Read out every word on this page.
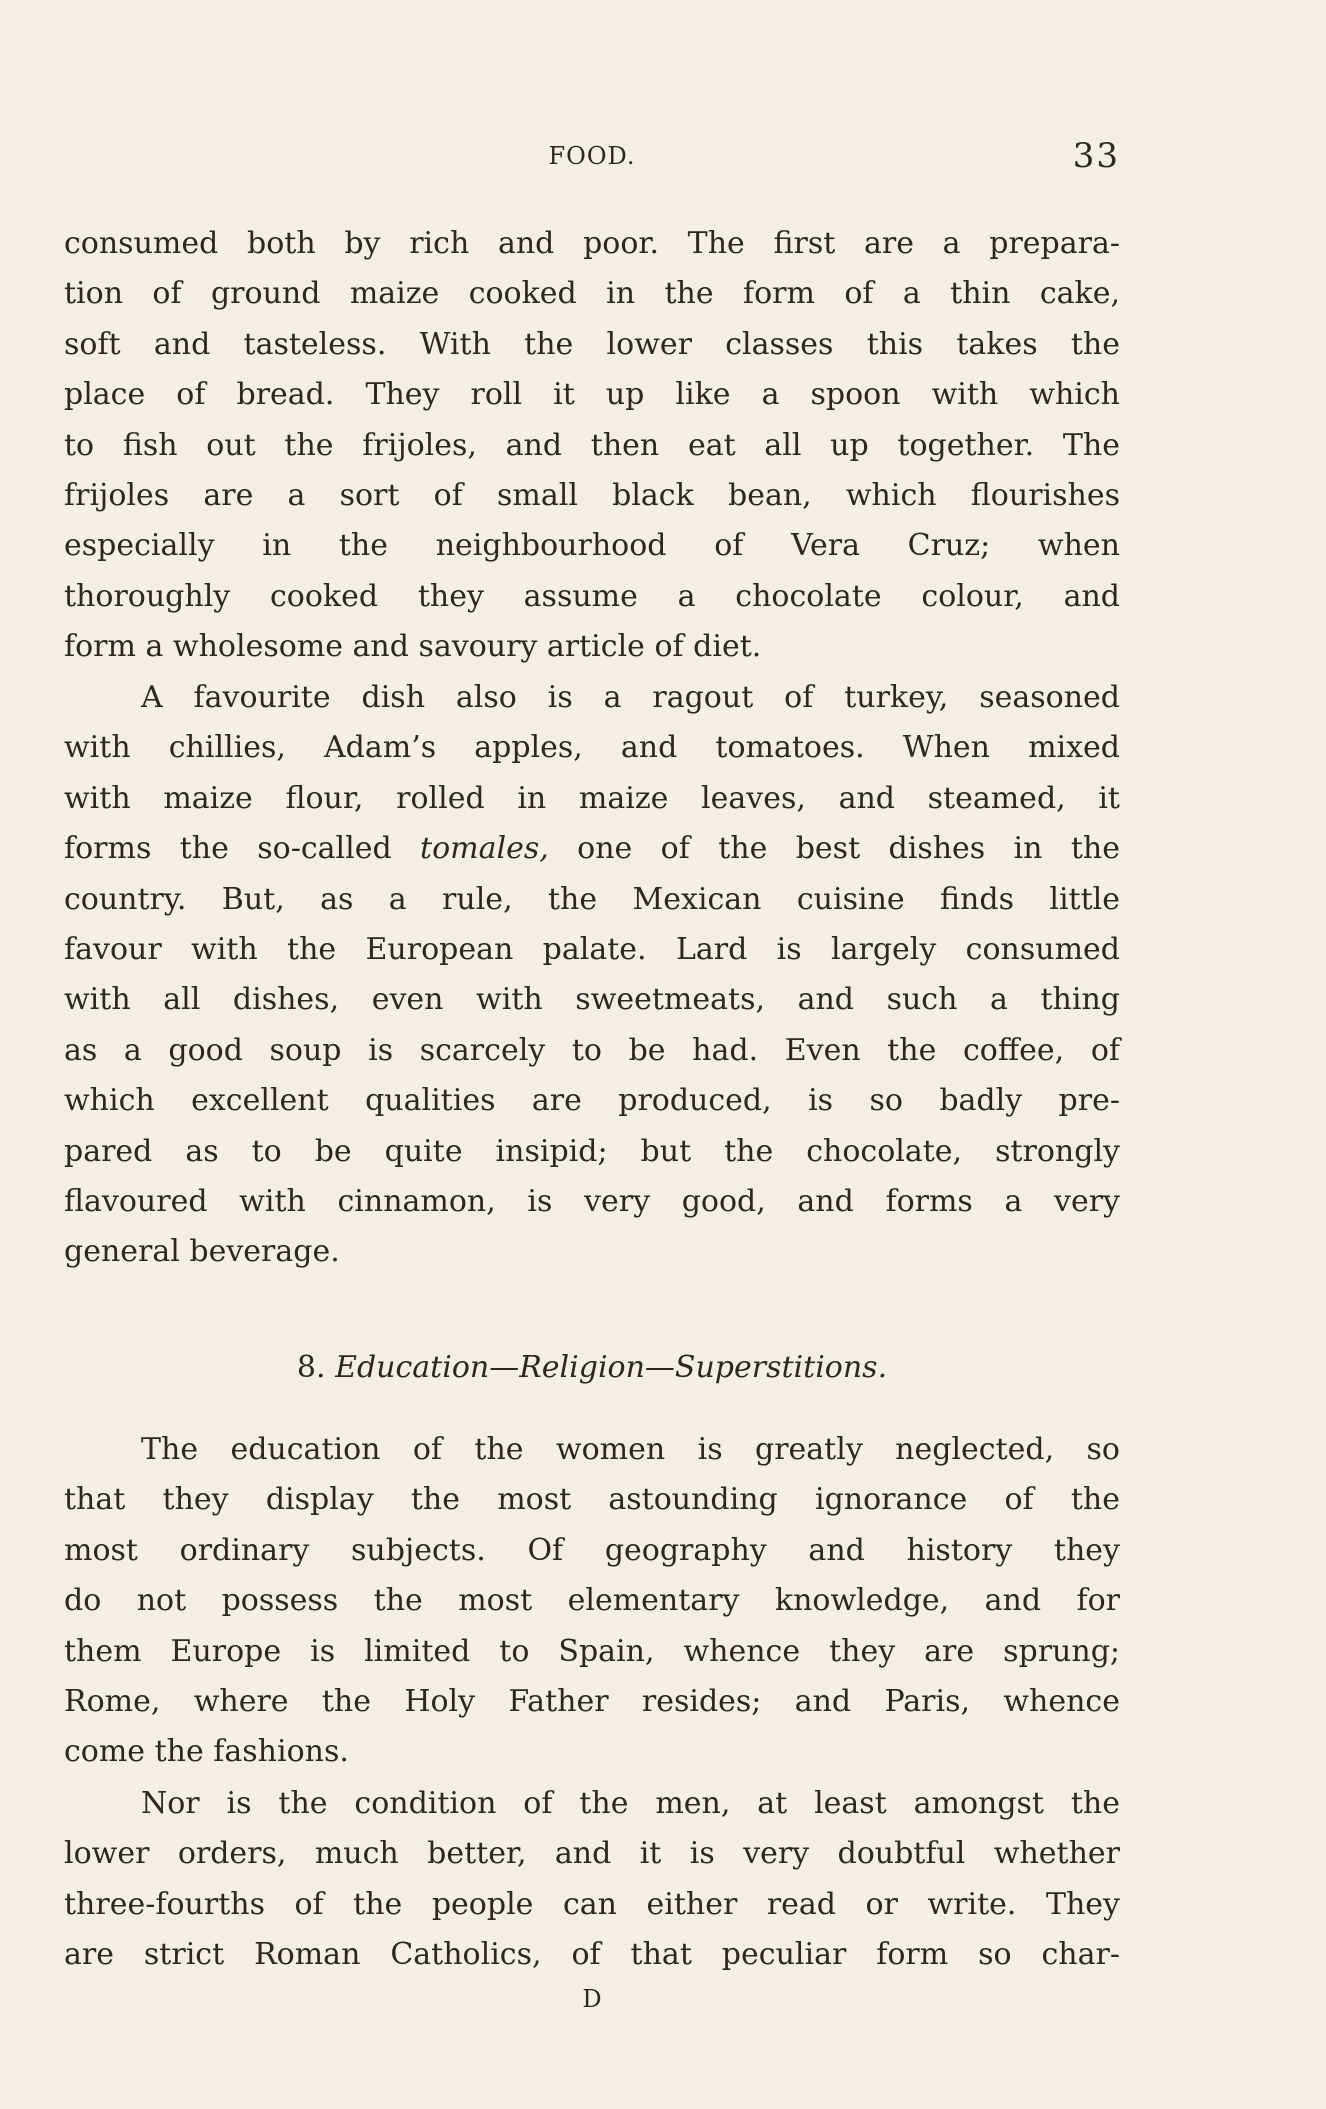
FOOD.	33

consumed both by rich and poor. The first are a prepara-
tion of ground maize cooked in the form of a thin cake,
soft and tasteless. With the lower classes this takes the
place of bread. They roll it up like a spoon with which
to fish out the frijoles, and then eat all up together. The
frijoles are a sort of small black bean, which flourishes
especially in the neighbourhood of Vera Cruz; when
thoroughly cooked they assume a chocolate colour, and
form a wholesome and savoury article of diet.

A favourite dish also is a ragout of turkey, seasoned
with chillies, Adam’s apples, and tomatoes. When mixed
with maize flour, rolled in maize leaves, and steamed, it
forms the so-called tomales, one of the best dishes in the
country. But, as a rule, the Mexican cuisine finds little
favour with the European palate. Lard is largely consumed
with all dishes, even with sweetmeats, and such a thing
as a good soup is scarcely to be had. Even the coffee, of
which excellent qualities are produced, is so badly pre-
pared as to be quite insipid; but the chocolate, strongly
flavoured with cinnamon, is very good, and forms a very
general beverage.

8. Education—Religion—Superstitions.

The education of the women is greatly neglected, so
that they display the most astounding ignorance of the
most ordinary subjects. Of geography and history they
do not possess the most elementary knowledge, and for
them Europe is limited to Spain, whence they are sprung;
Rome, where the Holy Father resides; and Paris, whence
come the fashions.

Nor is the condition of the men, at least amongst the
lower orders, much better, and it is very doubtful whether
three-fourths of the people can either read or write. They
are strict Roman Catholics, of that peculiar form so char-

D
